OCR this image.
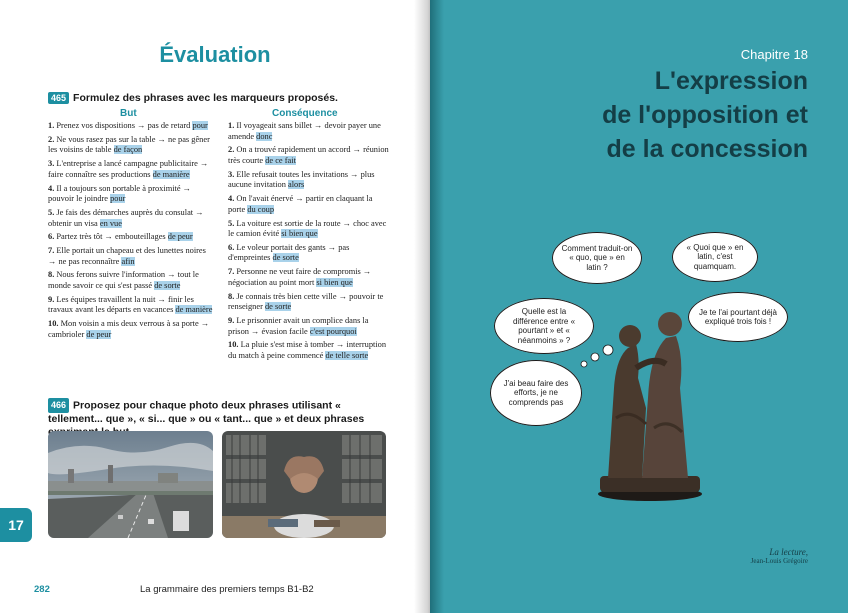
Évaluation
465 Formulez des phrases avec les marqueurs proposés.
But	Conséquence
1. Prenez vos dispositions → pas de retard pour
2. Ne vous rasez pas sur la table → ne pas gêner les voisins de table de façon
3. L'entreprise a lancé campagne publicitaire → faire connaître ses productions de manière
4. Il a toujours son portable à proximité → pouvoir le joindre pour
5. Je fais des démarches auprès du consulat → obtenir un visa en vue
6. Partez très tôt → embouteillages de peur
7. Elle portait un chapeau et des lunettes noires → ne pas reconnaître afin
8. Nous ferons suivre l'information → tout le monde savoir ce qui s'est passé de sorte
9. Les équipes travaillent la nuit → finir les travaux avant les départs en vacances de manière
10. Mon voisin a mis deux verrous à sa porte → cambrioler de peur
1. Il voyageait sans billet → devoir payer une amende donc
2. On a trouvé rapidement un accord → réunion très courte de ce fait
3. Elle refusait toutes les invitations → plus aucune invitation alors
4. On l'avait énervé → partir en claquant la porte du coup
5. La voiture est sortie de la route → choc avec le camion évité si bien que
6. Le voleur portait des gants → pas d'empreintes de sorte
7. Personne ne veut faire de compromis → négociation au point mort si bien que
8. Je connais très bien cette ville → pouvoir te renseigner de sorte
9. Le prisonnier avait un complice dans la prison → évasion facile c'est pourquoi
10. La pluie s'est mise à tomber → interruption du match à peine commencé de telle sorte
466 Proposez pour chaque photo deux phrases utilisant « tellement... que », « si... que » ou « tant... que » et deux phrases
17
282	La grammaire des premiers temps B1-B2
Chapitre 18
L'expression
de l'opposition et
de la concession
Comment traduit-on « quo, que » en latin ?
« Quoi que » en latin, c'est quamquam.
Quelle est la différence entre « pourtant » et « néanmoins » ?
Je te l'ai pourtant déjà expliqué trois fois !
J'ai beau faire des efforts, je ne comprends pas
La lecture,
Jean-Louis Grégoire
